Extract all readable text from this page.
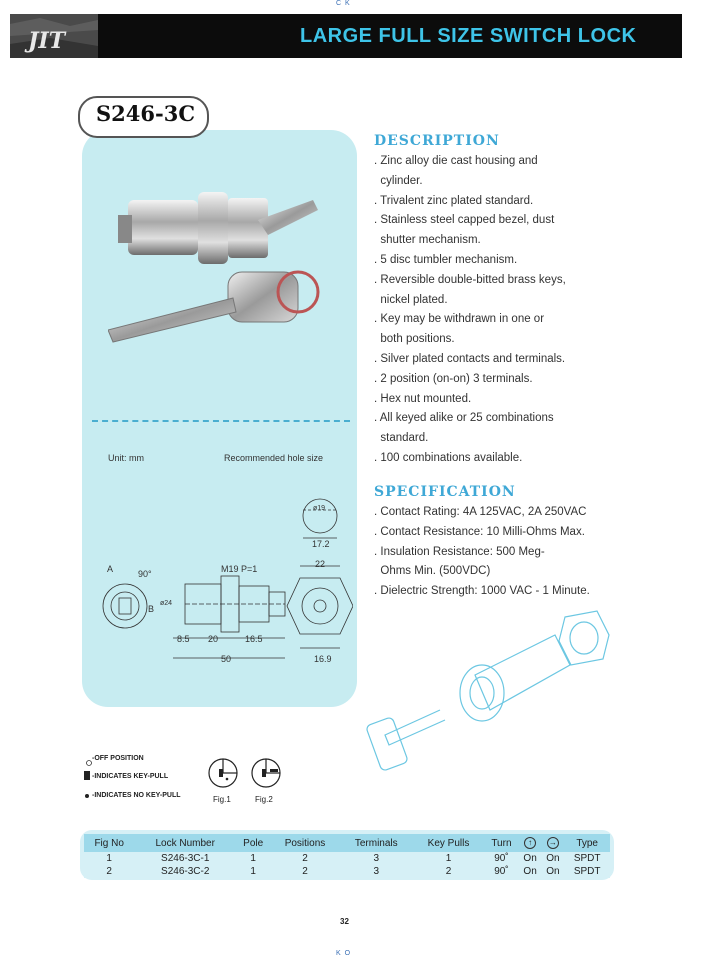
C K
K O
JIT	LARGE FULL SIZE SWITCH LOCK
S246-3C
Unit: mm	Recommended hole size
ø19
17.2
22
M19 P=1
90°
A
B
ø24
8.5 20	16.5
50	16.9
DESCRIPTION
. Zinc alloy die cast housing and
cylinder.
. Trivalent zinc plated standard.
. Stainless steel capped bezel, dust
shutter mechanism.
. 5 disc tumbler mechanism.
. Reversible double-bitted brass keys,
nickel plated.
. Key may be withdrawn in one or
both positions.
. Silver plated contacts and terminals.
. 2 position (on-on) 3 terminals.
. Hex nut mounted.
. All keyed alike or 25 combinations
standard.
. 100 combinations available.
SPECIFICATION
. Contact Rating: 4A 125VAC, 2A 250VAC
. Contact Resistance: 10 Milli-Ohms Max.
. Insulation Resistance: 500 Meg-
Ohms Min. (500VDC)
. Dielectric Strength: 1000 VAC - 1 Minute.
-OFF POSITION
-INDICATES KEY-PULL
-INDICATES NO KEY-PULL	Fig.1	Fig.2
Fig No	Lock Number	Pole	Positions	Terminals	Key Pulls	Turn	↑	→	Type
1	S246-3C-1	1	2	3	1	90˚	On	On	SPDT
2	S246-3C-2	1	2	3	2	90˚	On	On	SPDT
32
